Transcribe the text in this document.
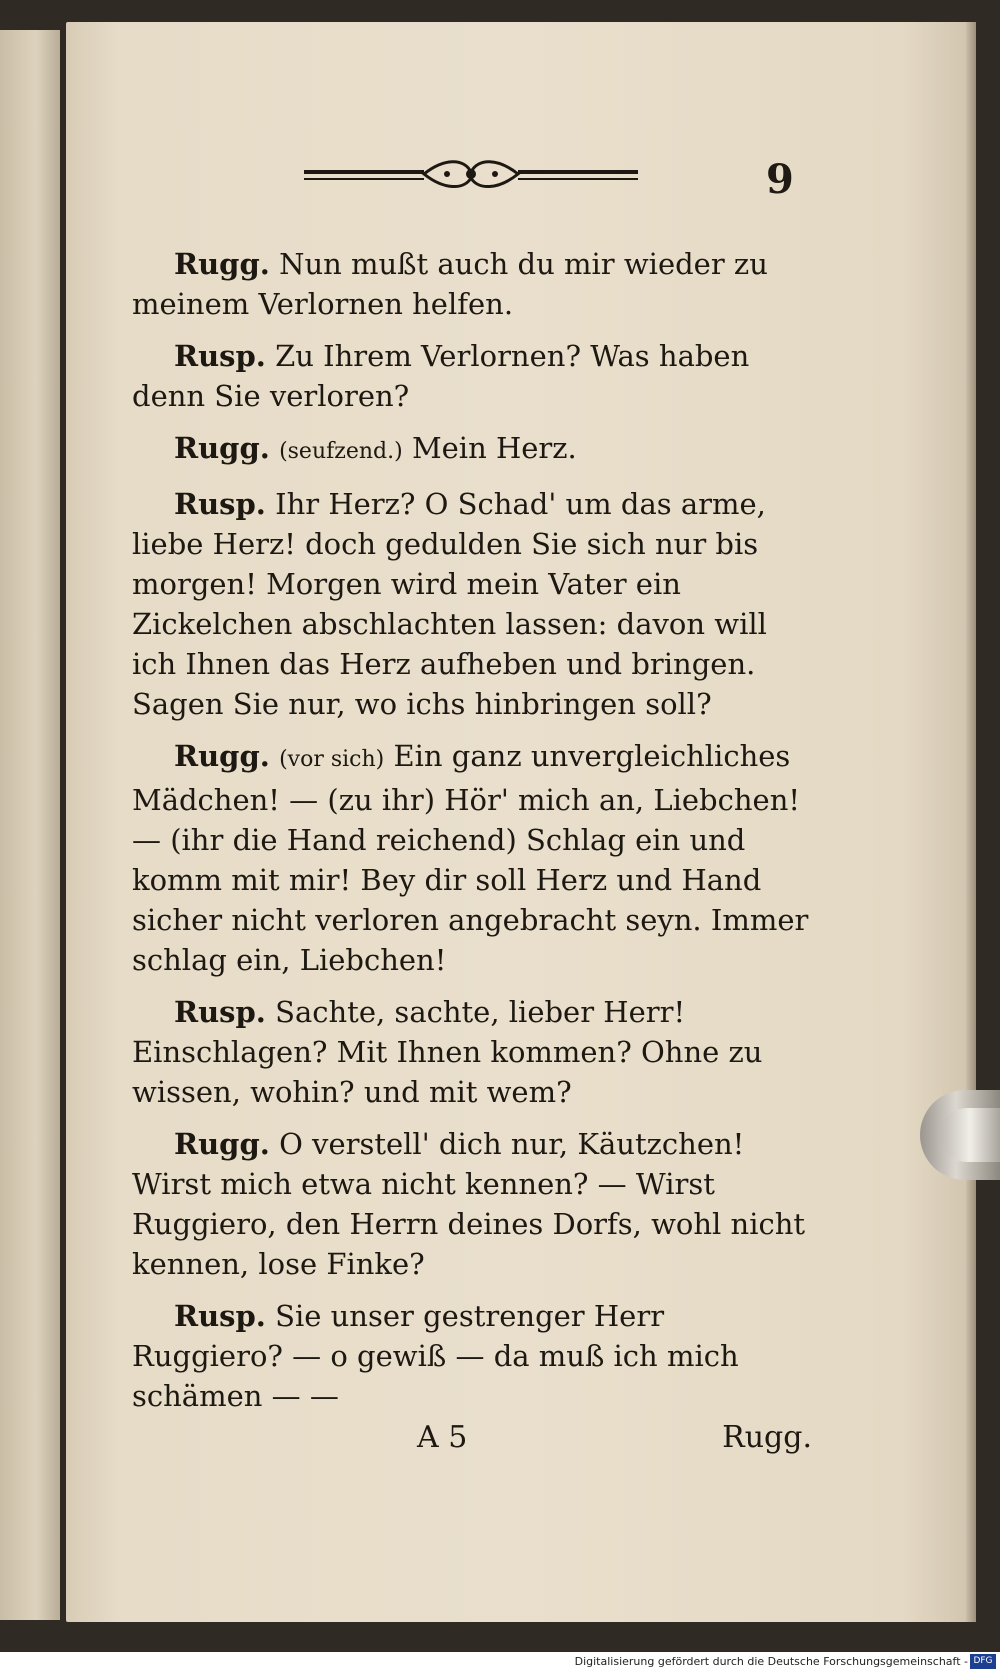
9

Rugg. Nun mußt auch du mir wieder zu meinem Verlornen helfen.

Rusp. Zu Ihrem Verlornen? Was haben denn Sie verloren?

Rugg. (seufzend.) Mein Herz.

Rusp. Ihr Herz? O Schad' um das arme, liebe Herz! doch gedulden Sie sich nur bis morgen! Morgen wird mein Vater ein Zickelchen abschlachten lassen: davon will ich Ihnen das Herz aufheben und bringen. Sagen Sie nur, wo ichs hinbringen soll?

Rugg. (vor sich) Ein ganz unvergleichliches Mädchen! — (zu ihr) Hör' mich an, Liebchen! — (ihr die Hand reichend) Schlag ein und komm mit mir! Bey dir soll Herz und Hand sicher nicht verloren angebracht seyn. Immer schlag ein, Liebchen!

Rusp. Sachte, sachte, lieber Herr! Einschlagen? Mit Ihnen kommen? Ohne zu wissen, wohin? und mit wem?

Rugg. O verstell' dich nur, Käutzchen! Wirst mich etwa nicht kennen? — Wirst Ruggiero, den Herrn deines Dorfs, wohl nicht kennen, lose Finke?

Rusp. Sie unser gestrenger Herr Ruggiero? — o gewiß — da muß ich mich schämen — —

A 5	Rugg.
Digitalisierung gefördert durch die Deutsche Forschungsgemeinschaft - DFG
